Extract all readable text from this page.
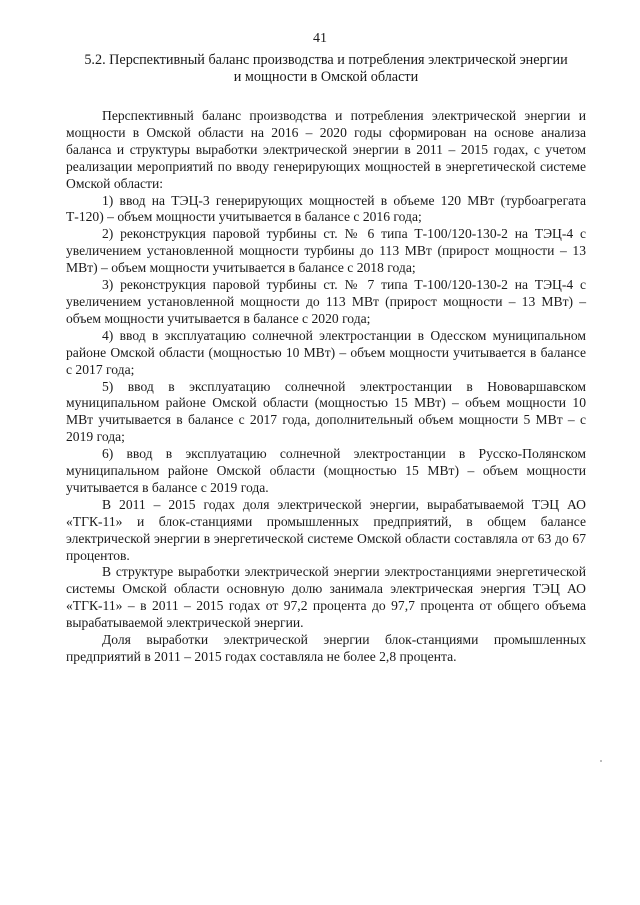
41
5.2. Перспективный баланс производства и потребления электрической энергии
и мощности в Омской области

Перспективный баланс производства и потребления электрической энергии и мощности в Омской области на 2016 – 2020 годы сформирован на основе анализа баланса и структуры выработки электрической энергии в 2011 – 2015 годах, с учетом реализации мероприятий по вводу генерирующих мощностей в энергетической системе Омской области:

1) ввод на ТЭЦ-3 генерирующих мощностей в объеме 120 МВт (турбоагрегата Т-120) – объем мощности учитывается в балансе с 2016 года;

2) реконструкция паровой турбины ст. № 6 типа Т-100/120-130-2 на ТЭЦ-4 с увеличением установленной мощности турбины до 113 МВт (прирост мощности – 13 МВт) – объем мощности учитывается в балансе с 2018 года;

3) реконструкция паровой турбины ст. № 7 типа Т-100/120-130-2 на ТЭЦ-4 с увеличением установленной мощности до 113 МВт (прирост мощности – 13 МВт) – объем мощности учитывается в балансе с 2020 года;

4) ввод в эксплуатацию солнечной электростанции в Одесском муниципальном районе Омской области (мощностью 10 МВт) – объем мощности учитывается в балансе с 2017 года;

5) ввод в эксплуатацию солнечной электростанции в Нововаршавском муниципальном районе Омской области (мощностью 15 МВт) – объем мощности 10 МВт учитывается в балансе с 2017 года, дополнительный объем мощности 5 МВт – с 2019 года;

6) ввод в эксплуатацию солнечной электростанции в Русско-Полянском муниципальном районе Омской области (мощностью 15 МВт) – объем мощности учитывается в балансе с 2019 года.

В 2011 – 2015 годах доля электрической энергии, вырабатываемой ТЭЦ АО «ТГК-11» и блок-станциями промышленных предприятий, в общем балансе электрической энергии в энергетической системе Омской области составляла от 63 до 67 процентов.

В структуре выработки электрической энергии электростанциями энергетической системы Омской области основную долю занимала электрическая энергия ТЭЦ АО «ТГК-11» – в 2011 – 2015 годах от 97,2 процента до 97,7 процента от общего объема вырабатываемой электрической энергии.

Доля выработки электрической энергии блок-станциями промышленных предприятий в 2011 – 2015 годах составляла не более 2,8 процента.
